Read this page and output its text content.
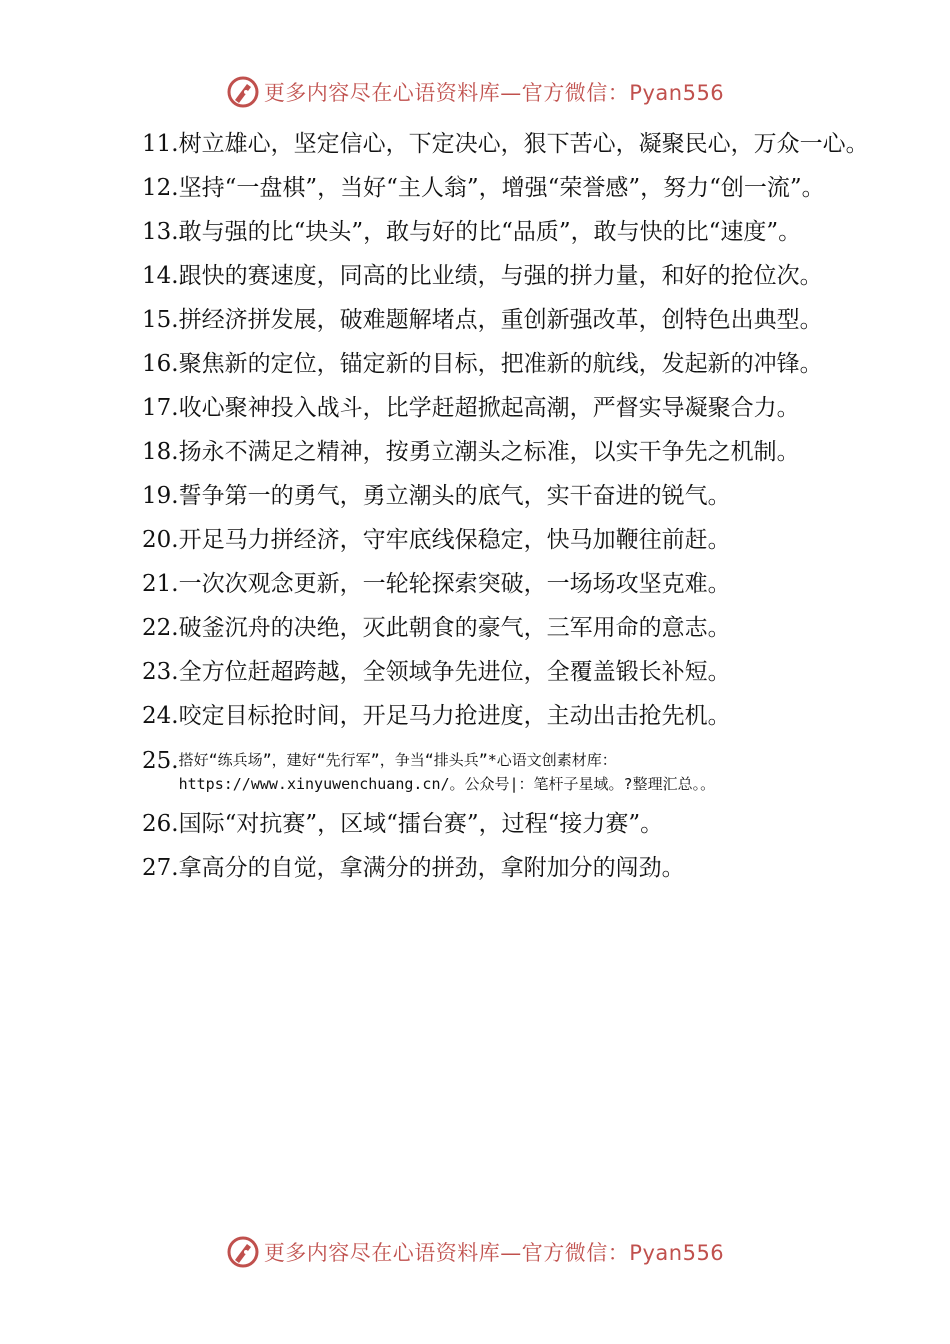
更多内容尽在心语资料库—官方微信：Pyan556

11.树立雄心，坚定信心，下定决心，狠下苦心，凝聚民心，万众一心。

12.坚持“一盘棋”，当好“主人翁”，增强“荣誉感”，努力“创一流”。

13.敢与强的比“块头”，敢与好的比“品质”，敢与快的比“速度”。

14.跟快的赛速度，同高的比业绩，与强的拼力量，和好的抢位次。

15.拼经济拼发展，破难题解堵点，重创新强改革，创特色出典型。

16.聚焦新的定位，锚定新的目标，把准新的航线，发起新的冲锋。

17.收心聚神投入战斗，比学赶超掀起高潮，严督实导凝聚合力。

18.扬永不满足之精神，按勇立潮头之标准，以实干争先之机制。

19.誓争第一的勇气，勇立潮头的底气，实干奋进的锐气。

20.开足马力拼经济，守牢底线保稳定，快马加鞭往前赶。

21.一次次观念更新，一轮轮探索突破，一场场攻坚克难。

22.破釜沉舟的决绝，灭此朝食的豪气，三军用命的意志。

23.全方位赶超跨越，全领域争先进位，全覆盖锻长补短。

24.咬定目标抢时间，开足马力抢进度，主动出击抢先机。

25. 搭好“练兵场”，建好“先行军”，争当“排头兵”*心语文创素材库：https://www.xinyuwenchuang.cn/。公众号|：笔杆子星域。?整理汇总。。

26.国际“对抗赛”，区域“擂台赛”，过程“接力赛”。

27.拿高分的自觉，拿满分的拼劲，拿附加分的闯劲。

更多内容尽在心语资料库—官方微信：Pyan556
